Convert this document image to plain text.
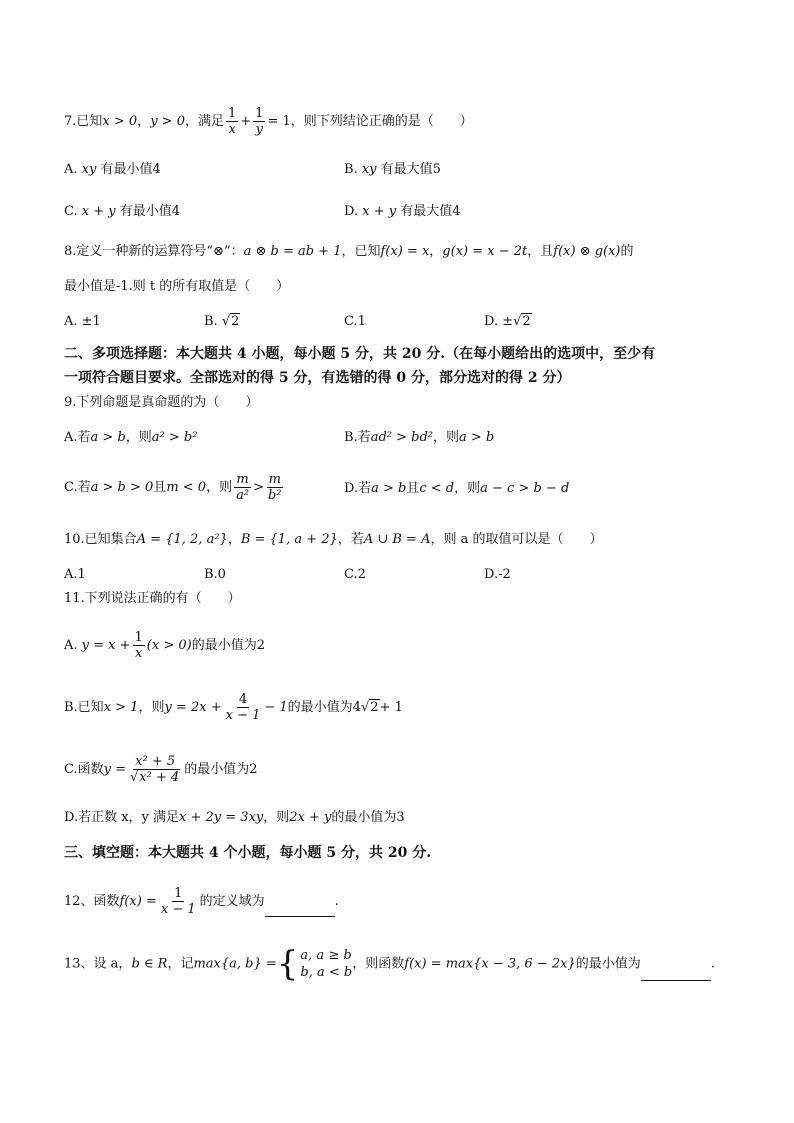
7.已知x > 0，y > 0，满足 $\frac{1}{x} + \frac{1}{y} = 1$，则下列结论正确的是（　　）
A. xy 有最小值4	B. xy 有最大值5
C. x + y 有最小值4	D. x + y 有最大值4
8.定义一种新的运算符号“⊗”：a ⊗ b = ab + 1，已知f(x) = x，g(x) = x − 2t，且f(x) ⊗ g(x)的
最小值是-1.则 t 的所有取值是（　　）
A. ±1	B. √2	C.1	D. ±√2
二、多项选择题：本大题共 4 小题，每小题 5 分，共 20 分.（在每小题给出的选项中，至少有
一项符合题目要求。全部选对的得 5 分，有选错的得 0 分，部分选对的得 2 分）
9.下列命题是真命题的为（　　）
A.若a > b，则a² > b²	B.若ad² > bd²，则a > b
C.若a > b > 0且m < 0，则 $\frac{m}{\text{a²}} > \frac{m}{\text{b²}}$	D.若a > b且c < d，则a − c > b − d
10.已知集合A = {1, 2, a²}，B = {1, a + 2}，若A ∪ B = A，则 a 的取值可以是（　　）
A.1	B.0	C.2	D.-2
11.下列说法正确的有（　　）
A. $y = x + \frac{1}{x} (x > 0)$的最小值为2
B.已知x > 1，则$y = 2x + \frac{4}{x - 1} - 1$的最小值为4√2+ 1
C.函数$y = \frac{\text{x² + 5}}{\text{√x² + 4}}$ 的最小值为2
D.若正数 x，y 满足x + 2y = 3xy，则2x + y的最小值为3
三、填空题：本大题共 4 个小题，每小题 5 分，共 20 分.
12、函数$f(x) = \frac{1}{x - 1}$ 的定义域为	.
13、设 a，b ∈ R，记max{a, b} = { a, a ≥ b
b, a < b
，则函数f(x) = max{x − 3, 6 − 2x}的最小值为	.
